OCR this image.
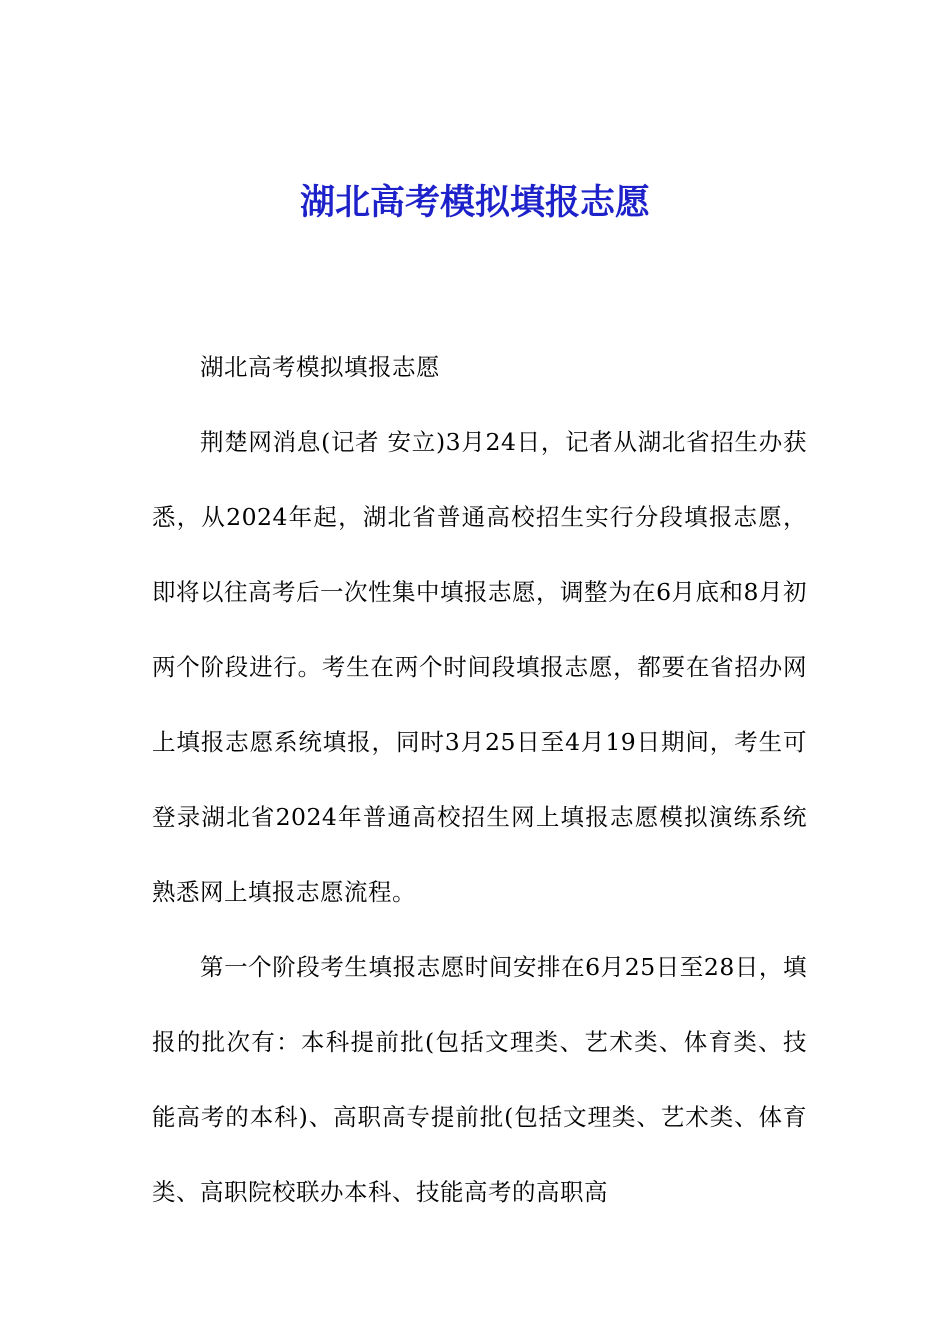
湖北高考模拟填报志愿

湖北高考模拟填报志愿

荆楚网消息(记者 安立)3月24日，记者从湖北省招生办获悉，从2024年起，湖北省普通高校招生实行分段填报志愿，即将以往高考后一次性集中填报志愿，调整为在6月底和8月初两个阶段进行。考生在两个时间段填报志愿，都要在省招办网上填报志愿系统填报，同时3月25日至4月19日期间，考生可登录湖北省2024年普通高校招生网上填报志愿模拟演练系统熟悉网上填报志愿流程。

第一个阶段考生填报志愿时间安排在6月25日至28日，填报的批次有：本科提前批(包括文理类、艺术类、体育类、技能高考的本科)、高职高专提前批(包括文理类、艺术类、体育类、高职院校联办本科、技能高考的高职高
